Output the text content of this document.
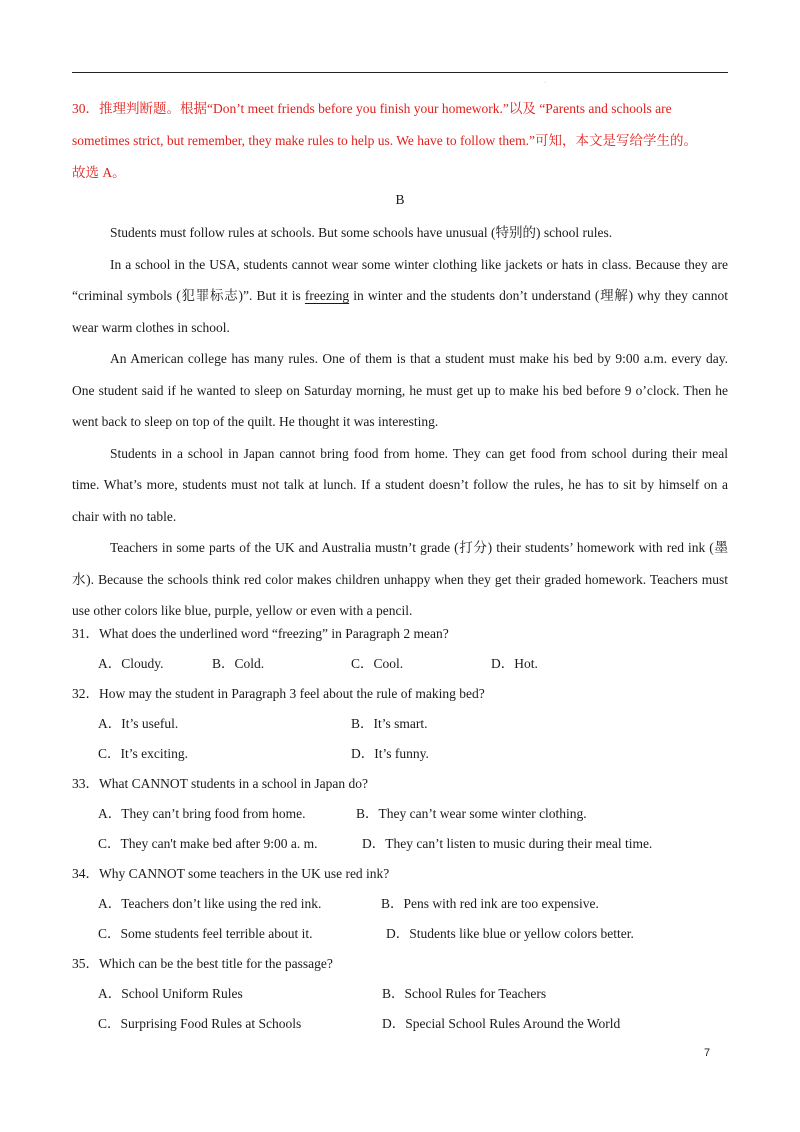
·

30．推理判断题。根据“Don’t meet friends before you finish your homework.”以及 “Parents and schools are

sometimes strict, but remember, they make rules to help us. We have to follow them.”可知，本文是写给学生的。

故选 A。

B

Students must follow rules at schools. But some schools have unusual (特别的) school rules.

In a school in the USA, students cannot wear some winter clothing like jackets or hats in class. Because they are “criminal symbols (犯罪标志)”. But it is freezing in winter and the students don’t understand (理解) why they cannot wear warm clothes in school.

An American college has many rules. One of them is that a student must make his bed by 9:00 a.m. every day. One student said if he wanted to sleep on Saturday morning, he must get up to make his bed before 9 o’clock. Then he went back to sleep on top of the quilt. He thought it was interesting.

Students in a school in Japan cannot bring food from home. They can get food from school during their meal time. What’s more, students must not talk at lunch. If a student doesn’t follow the rules, he has to sit by himself on a chair with no table.

Teachers in some parts of the UK and Australia mustn’t grade (打分) their students’ homework with red ink (墨水). Because the schools think red color makes children unhappy when they get their graded homework. Teachers must use other colors like blue, purple, yellow or even with a pencil.

31．What does the underlined word “freezing” in Paragraph 2 mean?
A．Cloudy.	B．Cold.	C．Cool.	D．Hot.
32．How may the student in Paragraph 3 feel about the rule of making bed?
A．It’s useful.	B．It’s smart.
C．It’s exciting.	D．It’s funny.
33．What CANNOT students in a school in Japan do?
A．They can’t bring food from home.	B．They can’t wear some winter clothing.
C．They can't make bed after 9:00 a. m.	D．They can’t listen to music during their meal time.
34．Why CANNOT some teachers in the UK use red ink?
A．Teachers don’t like using the red ink.	B．Pens with red ink are too expensive.
C．Some students feel terrible about it.	D．Students like blue or yellow colors better.
35．Which can be the best title for the passage?
A．School Uniform Rules	B．School Rules for Teachers
C．Surprising Food Rules at Schools	D．Special School Rules Around the World
7
